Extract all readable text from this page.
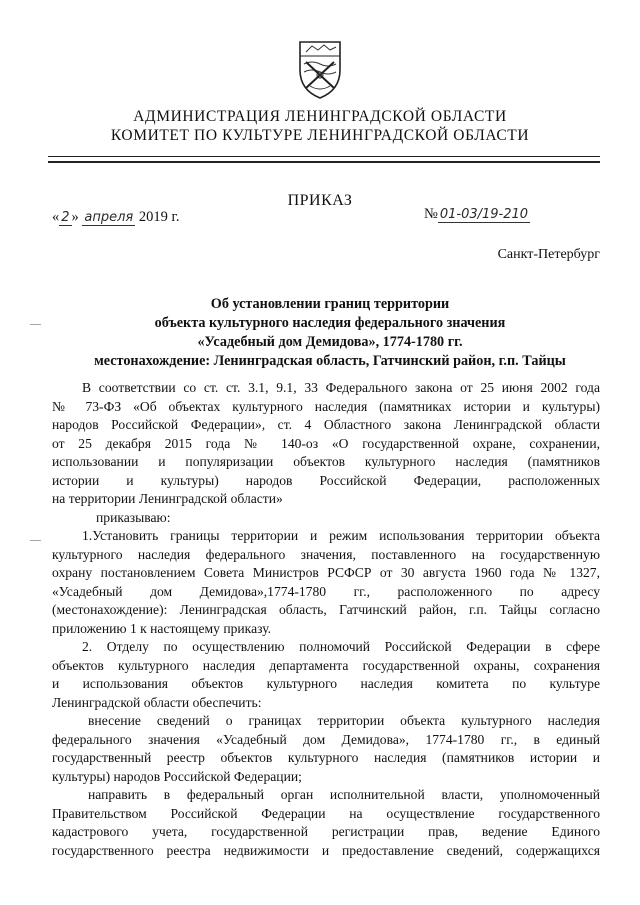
АДМИНИСТРАЦИЯ ЛЕНИНГРАДСКОЙ ОБЛАСТИ
КОМИТЕТ ПО КУЛЬТУРЕ ЛЕНИНГРАДСКОЙ ОБЛАСТИ
ПРИКАЗ
« 2 » апреля 2019 г.	№ 01-03/19-210
Санкт-Петербург
Об установлении границ территории
объекта культурного наследия федерального значения
«Усадебный дом Демидова», 1774-1780 гг.
местонахождение: Ленинградская область, Гатчинский район, г.п. Тайцы
—
—
В соответствии со ст. ст. 3.1, 9.1, 33 Федерального закона от 25 июня 2002 года
№ 73-ФЗ «Об объектах культурного наследия (памятниках истории и культуры)
народов Российской Федерации», ст. 4 Областного закона Ленинградской области
от 25 декабря 2015 года № 140-оз «О государственной охране, сохранении,
использовании и популяризации объектов культурного наследия (памятников
истории и культуры) народов Российской Федерации, расположенных
на территории Ленинградской области»
приказываю:
1.Установить границы территории и режим использования территории объекта
культурного наследия федерального значения, поставленного на государственную
охрану постановлением Совета Министров РСФСР от 30 августа 1960 года № 1327,
«Усадебный дом Демидова»,1774-1780 гг., расположенного по адресу
(местонахождение): Ленинградская область, Гатчинский район, г.п. Тайцы согласно
приложению 1 к настоящему приказу.
2. Отделу по осуществлению полномочий Российской Федерации в сфере
объектов культурного наследия департамента государственной охраны, сохранения
и использования объектов культурного наследия комитета по культуре
Ленинградской области обеспечить:
внесение сведений о границах территории объекта культурного наследия
федерального значения «Усадебный дом Демидова», 1774-1780 гг., в единый
государственный реестр объектов культурного наследия (памятников истории и
культуры) народов Российской Федерации;
направить в федеральный орган исполнительной власти, уполномоченный
Правительством Российской Федерации на осуществление государственного
кадастрового учета, государственной регистрации прав, ведение Единого
государственного реестра недвижимости и предоставление сведений, содержащихся
